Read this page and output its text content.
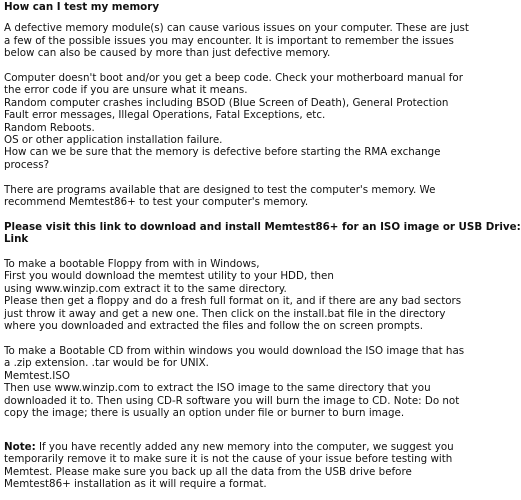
How can I test my memory
A defective memory module(s) can cause various issues on your computer. These are just
a few of the possible issues you may encounter. It is important to remember the issues
below can also be caused by more than just defective memory.
Computer doesn't boot and/or you get a beep code. Check your motherboard manual for
the error code if you are unsure what it means.
Random computer crashes including BSOD (Blue Screen of Death), General Protection
Fault error messages, Illegal Operations, Fatal Exceptions, etc.
Random Reboots.
OS or other application installation failure.
How can we be sure that the memory is defective before starting the RMA exchange
process?
There are programs available that are designed to test the computer's memory. We
recommend Memtest86+ to test your computer's memory.
Please visit this link to download and install Memtest86+ for an ISO image or USB Drive:
Link
To make a bootable Floppy from with in Windows,
First you would download the memtest utility to your HDD, then
using www.winzip.com extract it to the same directory.
Please then get a floppy and do a fresh full format on it, and if there are any bad sectors
just throw it away and get a new one. Then click on the install.bat file in the directory
where you downloaded and extracted the files and follow the on screen prompts.
To make a Bootable CD from within windows you would download the ISO image that has
a .zip extension. .tar would be for UNIX.
Memtest.ISO
Then use www.winzip.com to extract the ISO image to the same directory that you
downloaded it to. Then using CD-R software you will burn the image to CD. Note: Do not
copy the image; there is usually an option under file or burner to burn image.
Note: If you have recently added any new memory into the computer, we suggest you
temporarily remove it to make sure it is not the cause of your issue before testing with
Memtest. Please make sure you back up all the data from the USB drive before
Memtest86+ installation as it will require a format.
